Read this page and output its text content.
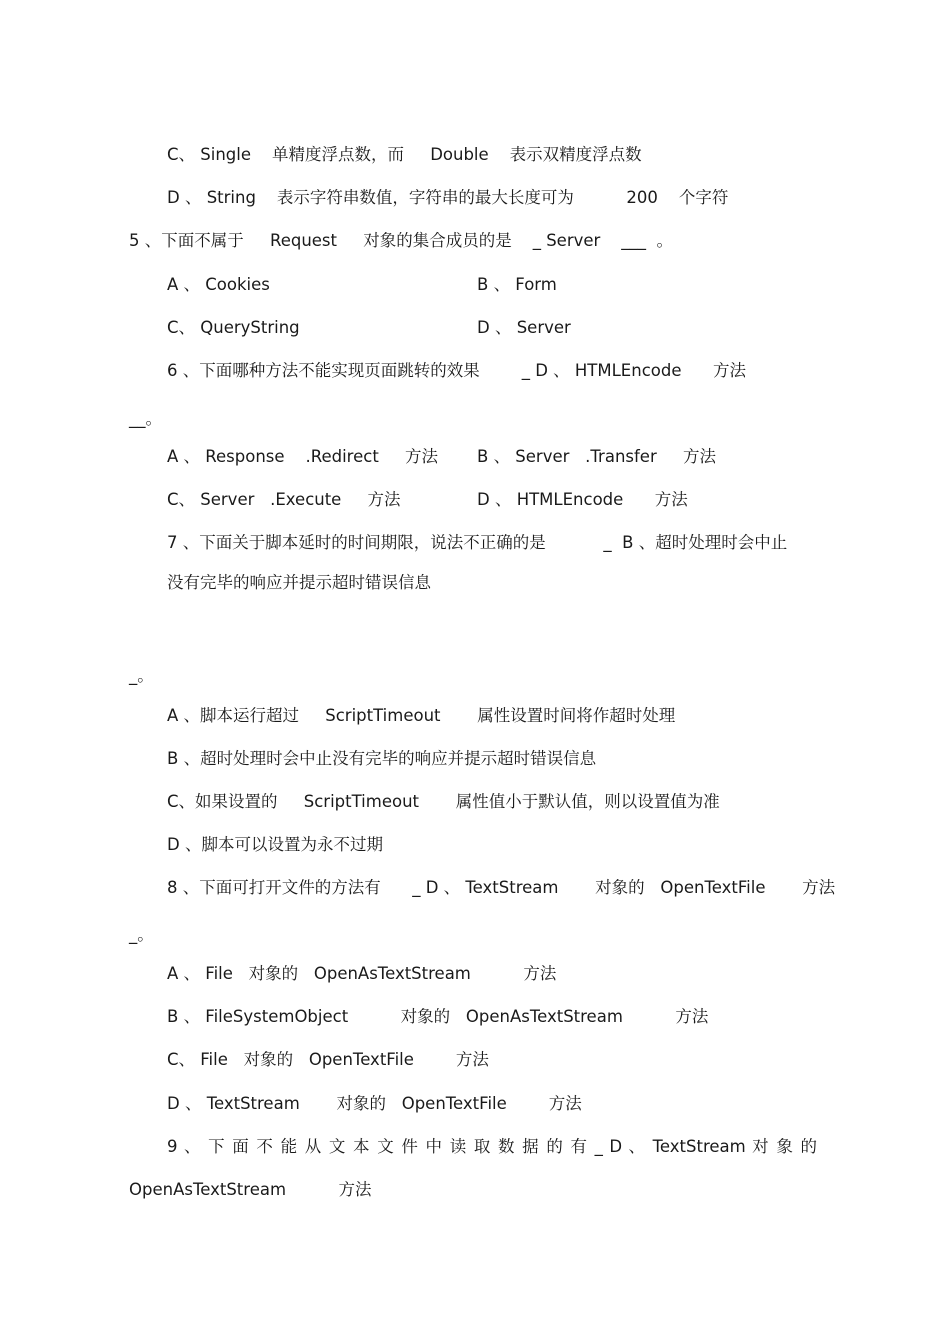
C、 Single    单精度浮点数，而     Double    表示双精度浮点数
D 、 String    表示字符串数值，字符串的最大长度可为          200    个字符
5 、下面不属于     Request     对象的集合成员的是    _ Server    ___  。
A 、 Cookies	B 、 Form
C、 QueryString	D 、 Server
6 、下面哪种方法不能实现页面跳转的效果        _ D 、 HTMLEncode      方法
__。
A 、 Response    .Redirect     方法 B 、 Server   .Transfer     方法
C、 Server   .Execute     方法	D 、 HTMLEncode      方法
7 、下面关于脚本延时的时间期限，说法不正确的是           _  B 、超时处理时会中止
没有完毕的响应并提示超时错误信息
_。
A 、脚本运行超过     ScriptTimeout       属性设置时间将作超时处理
B 、超时处理时会中止没有完毕的响应并提示超时错误信息
C、如果设置的     ScriptTimeout       属性值小于默认值，则以设置值为准
D 、脚本可以设置为永不过期
8 、下面可打开文件的方法有      _ D 、 TextStream       对象的   OpenTextFile       方法
_。
A 、 File   对象的   OpenAsTextStream          方法
B 、 FileSystemObject          对象的   OpenAsTextStream          方法
C、 File   对象的   OpenTextFile        方法
D 、 TextStream       对象的   OpenTextFile        方法
9 、 下 面 不 能 从 文 本 文 件 中 读 取 数 据 的 有 _ D 、 TextStream 对 象 的
OpenAsTextStream          方法
